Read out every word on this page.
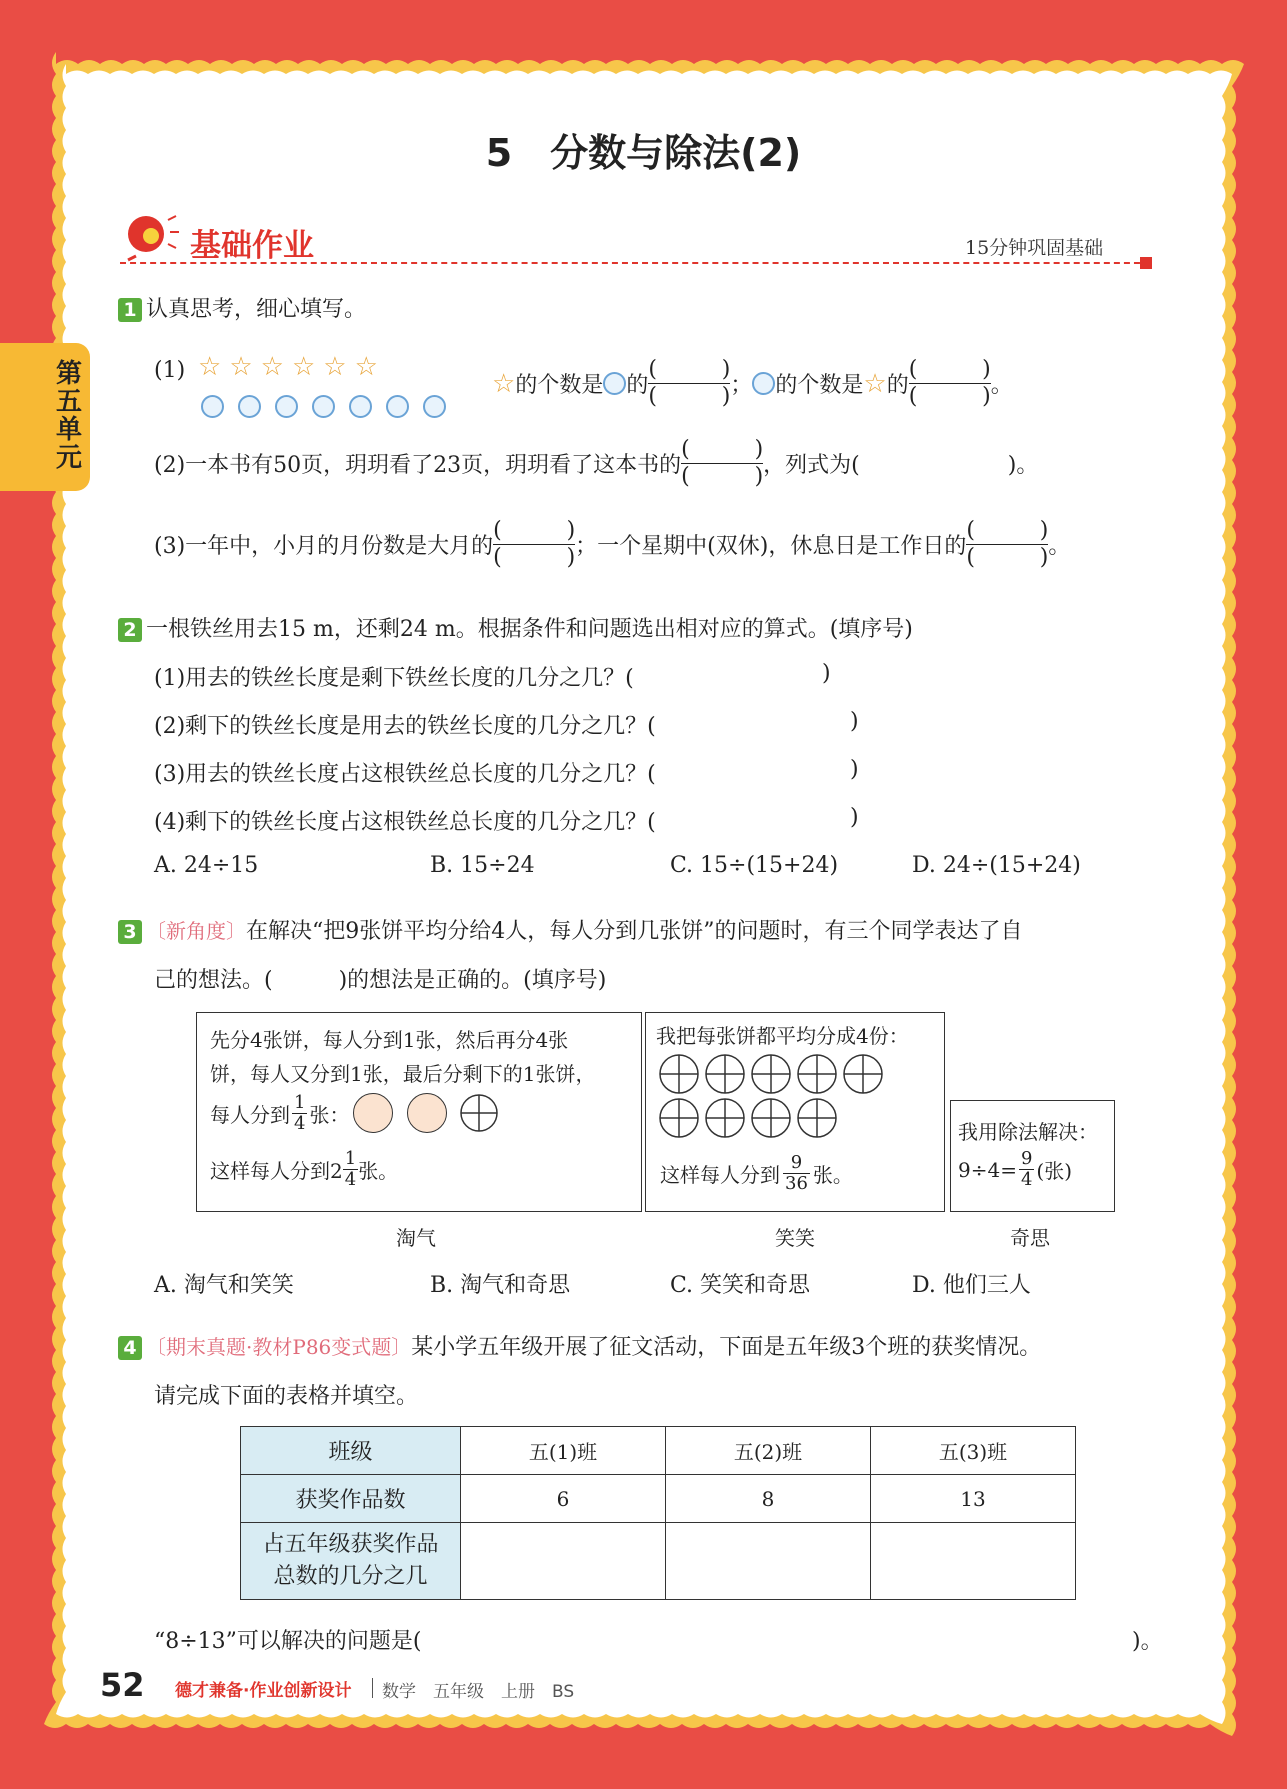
第五单元
5　分数与除法(2)
基础作业	15分钟巩固基础
1 认真思考，细心填写。
(1) ☆☆☆☆☆☆
☆ 的个数是 的 (	)
(	) ； 的个数是 ☆ 的 (	)
(	) 。
(2)一本书有50页，玥玥看了23页，玥玥看了这本书的 (	)
(	) ，列式为(	)。
(3)一年中，小月的月份数是大月的 (	)
(	) ；一个星期中(双休)，休息日是工作日的 (	)
(	) 。
2 一根铁丝用去15 m，还剩24 m。根据条件和问题选出相对应的算式。(填序号)
(1)用去的铁丝长度是剩下铁丝长度的几分之几？(	)
(2)剩下的铁丝长度是用去的铁丝长度的几分之几？(	)
(3)用去的铁丝长度占这根铁丝总长度的几分之几？(	)
(4)剩下的铁丝长度占这根铁丝总长度的几分之几？(	)
A. 24÷15	B. 15÷24	C. 15÷(15+24)	D. 24÷(15+24)
3 〔新角度〕在解决“把9张饼平均分给4人，每人分到几张饼”的问题时，有三个同学表达了自
己的想法。(　　　)的想法是正确的。(填序号)
先分4张饼，每人分到1张，然后再分4张
饼，每人又分到1张，最后分剩下的1张饼，
每人分到 $\frac{1}{4}$ 张：
这样每人分到$2 \frac{1}{4}$ 张。
淘气
我把每张饼都平均分成4份：
这样每人分到 $\frac{9}{36}$ 张。
笑笑
我用除法解决：
$9\div 4= \frac{9}{4}$ (张)
奇思
A. 淘气和笑笑	B. 淘气和奇思	C. 笑笑和奇思	D. 他们三人
4 〔期末真题·教材P86变式题〕某小学五年级开展了征文活动，下面是五年级3个班的获奖情况。
请完成下面的表格并填空。
班级	五(1)班	五(2)班	五(3)班
获奖作品数	6	8	13
占五年级获奖作品
总数的几分之几			
“8÷13”可以解决的问题是(	)。
52 德才兼备·作业创新设计 数学　五年级　上册　BS
